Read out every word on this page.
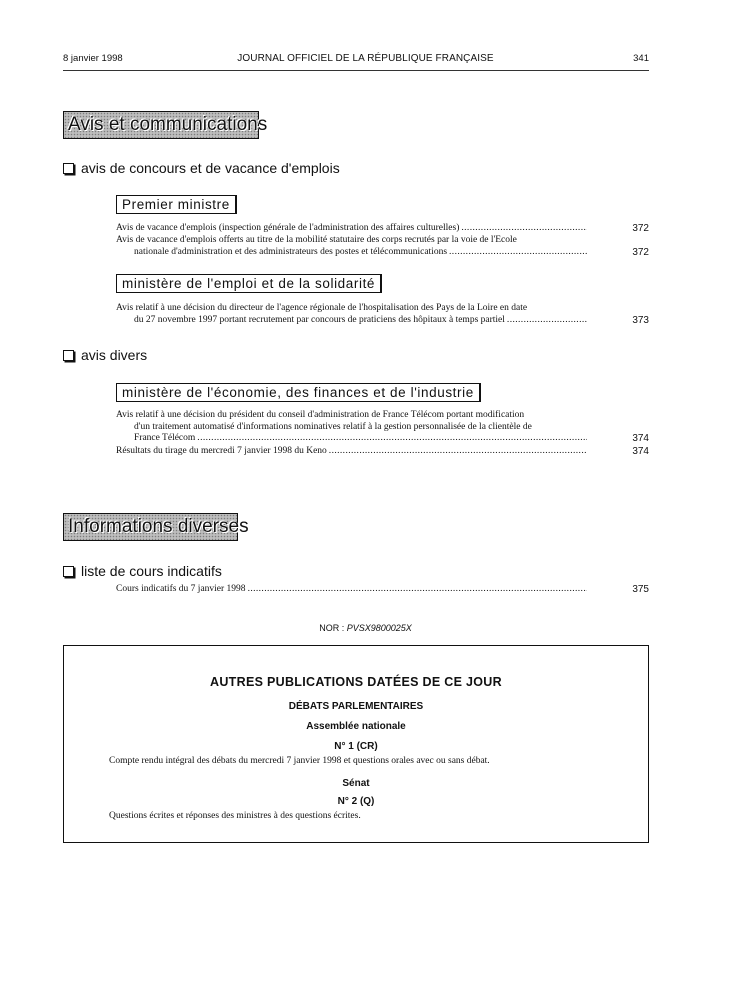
8 janvier 1998	JOURNAL OFFICIEL DE LA RÉPUBLIQUE FRANÇAISE	341
Avis et communications
avis de concours et de vacance d'emplois
Premier ministre
Avis de vacance d'emplois (inspection générale de l'administration des affaires culturelles) .....	372
Avis de vacance d'emplois offerts au titre de la mobilité statutaire des corps recrutés par la voie de l'Ecole
nationale d'administration et des administrateurs des postes et télécommunications .....	372
ministère de l'emploi et de la solidarité
Avis relatif à une décision du directeur de l'agence régionale de l'hospitalisation des Pays de la Loire en date
du 27 novembre 1997 portant recrutement par concours de praticiens des hôpitaux à temps partiel .....	373
avis divers
ministère de l'économie, des finances et de l'industrie
Avis relatif à une décision du président du conseil d'administration de France Télécom portant modification
d'un traitement automatisé d'informations nominatives relatif à la gestion personnalisée de la clientèle de
France Télécom .....	374
Résultats du tirage du mercredi 7 janvier 1998 du Keno .....	374
Informations diverses
liste de cours indicatifs
Cours indicatifs du 7 janvier 1998 .....	375
NOR : PVSX9800025X
AUTRES PUBLICATIONS DATÉES DE CE JOUR
DÉBATS PARLEMENTAIRES
Assemblée nationale
N° 1 (CR)
Compte rendu intégral des débats du mercredi 7 janvier 1998 et questions orales avec ou sans débat.
Sénat
N° 2 (Q)
Questions écrites et réponses des ministres à des questions écrites.
